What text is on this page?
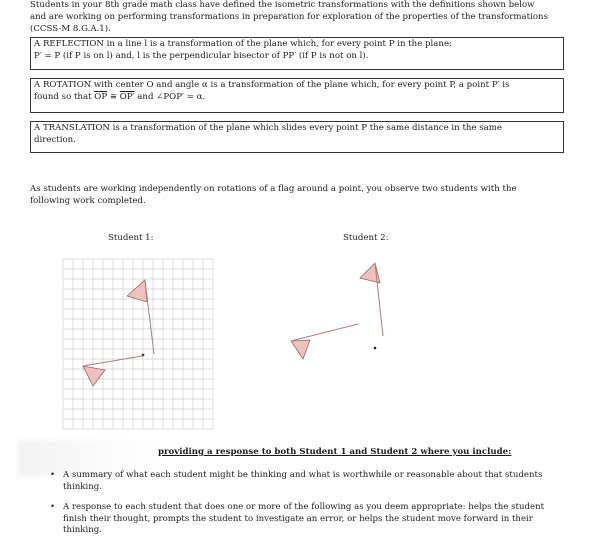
Students in your 8th grade math class have defined the isometric transformations with the definitions shown below
and are working on performing transformations in preparation for exploration of the properties of the transformations
(CCSS-M 8.G.A.1).
A REFLECTION in a line l is a transformation of the plane which, for every point P in the plane:
P′ = P (if P is on l) and, l is the perpendicular bisector of PP′ (if P is not on l).
A ROTATION with center O and angle α is a transformation of the plane which, for every point P, a point P′ is
found so that $\overline{OP}$ ≅ OP′ and ∠POP′ = α.
A TRANSLATION is a transformation of the plane which slides every point P the same distance in the same
direction.
As students are working independently on rotations of a flag around a point, you observe two students with the
following work completed.
Student 1:	Student 2:
providing a response to both Student 1 and Student 2 where you include:
• A summary of what each student might be thinking and what is worthwhile or reasonable about that students
thinking.
• A response to each student that does one or more of the following as you deem appropriate: helps the student
finish their thought, prompts the student to investigate an error, or helps the student move forward in their
thinking.
